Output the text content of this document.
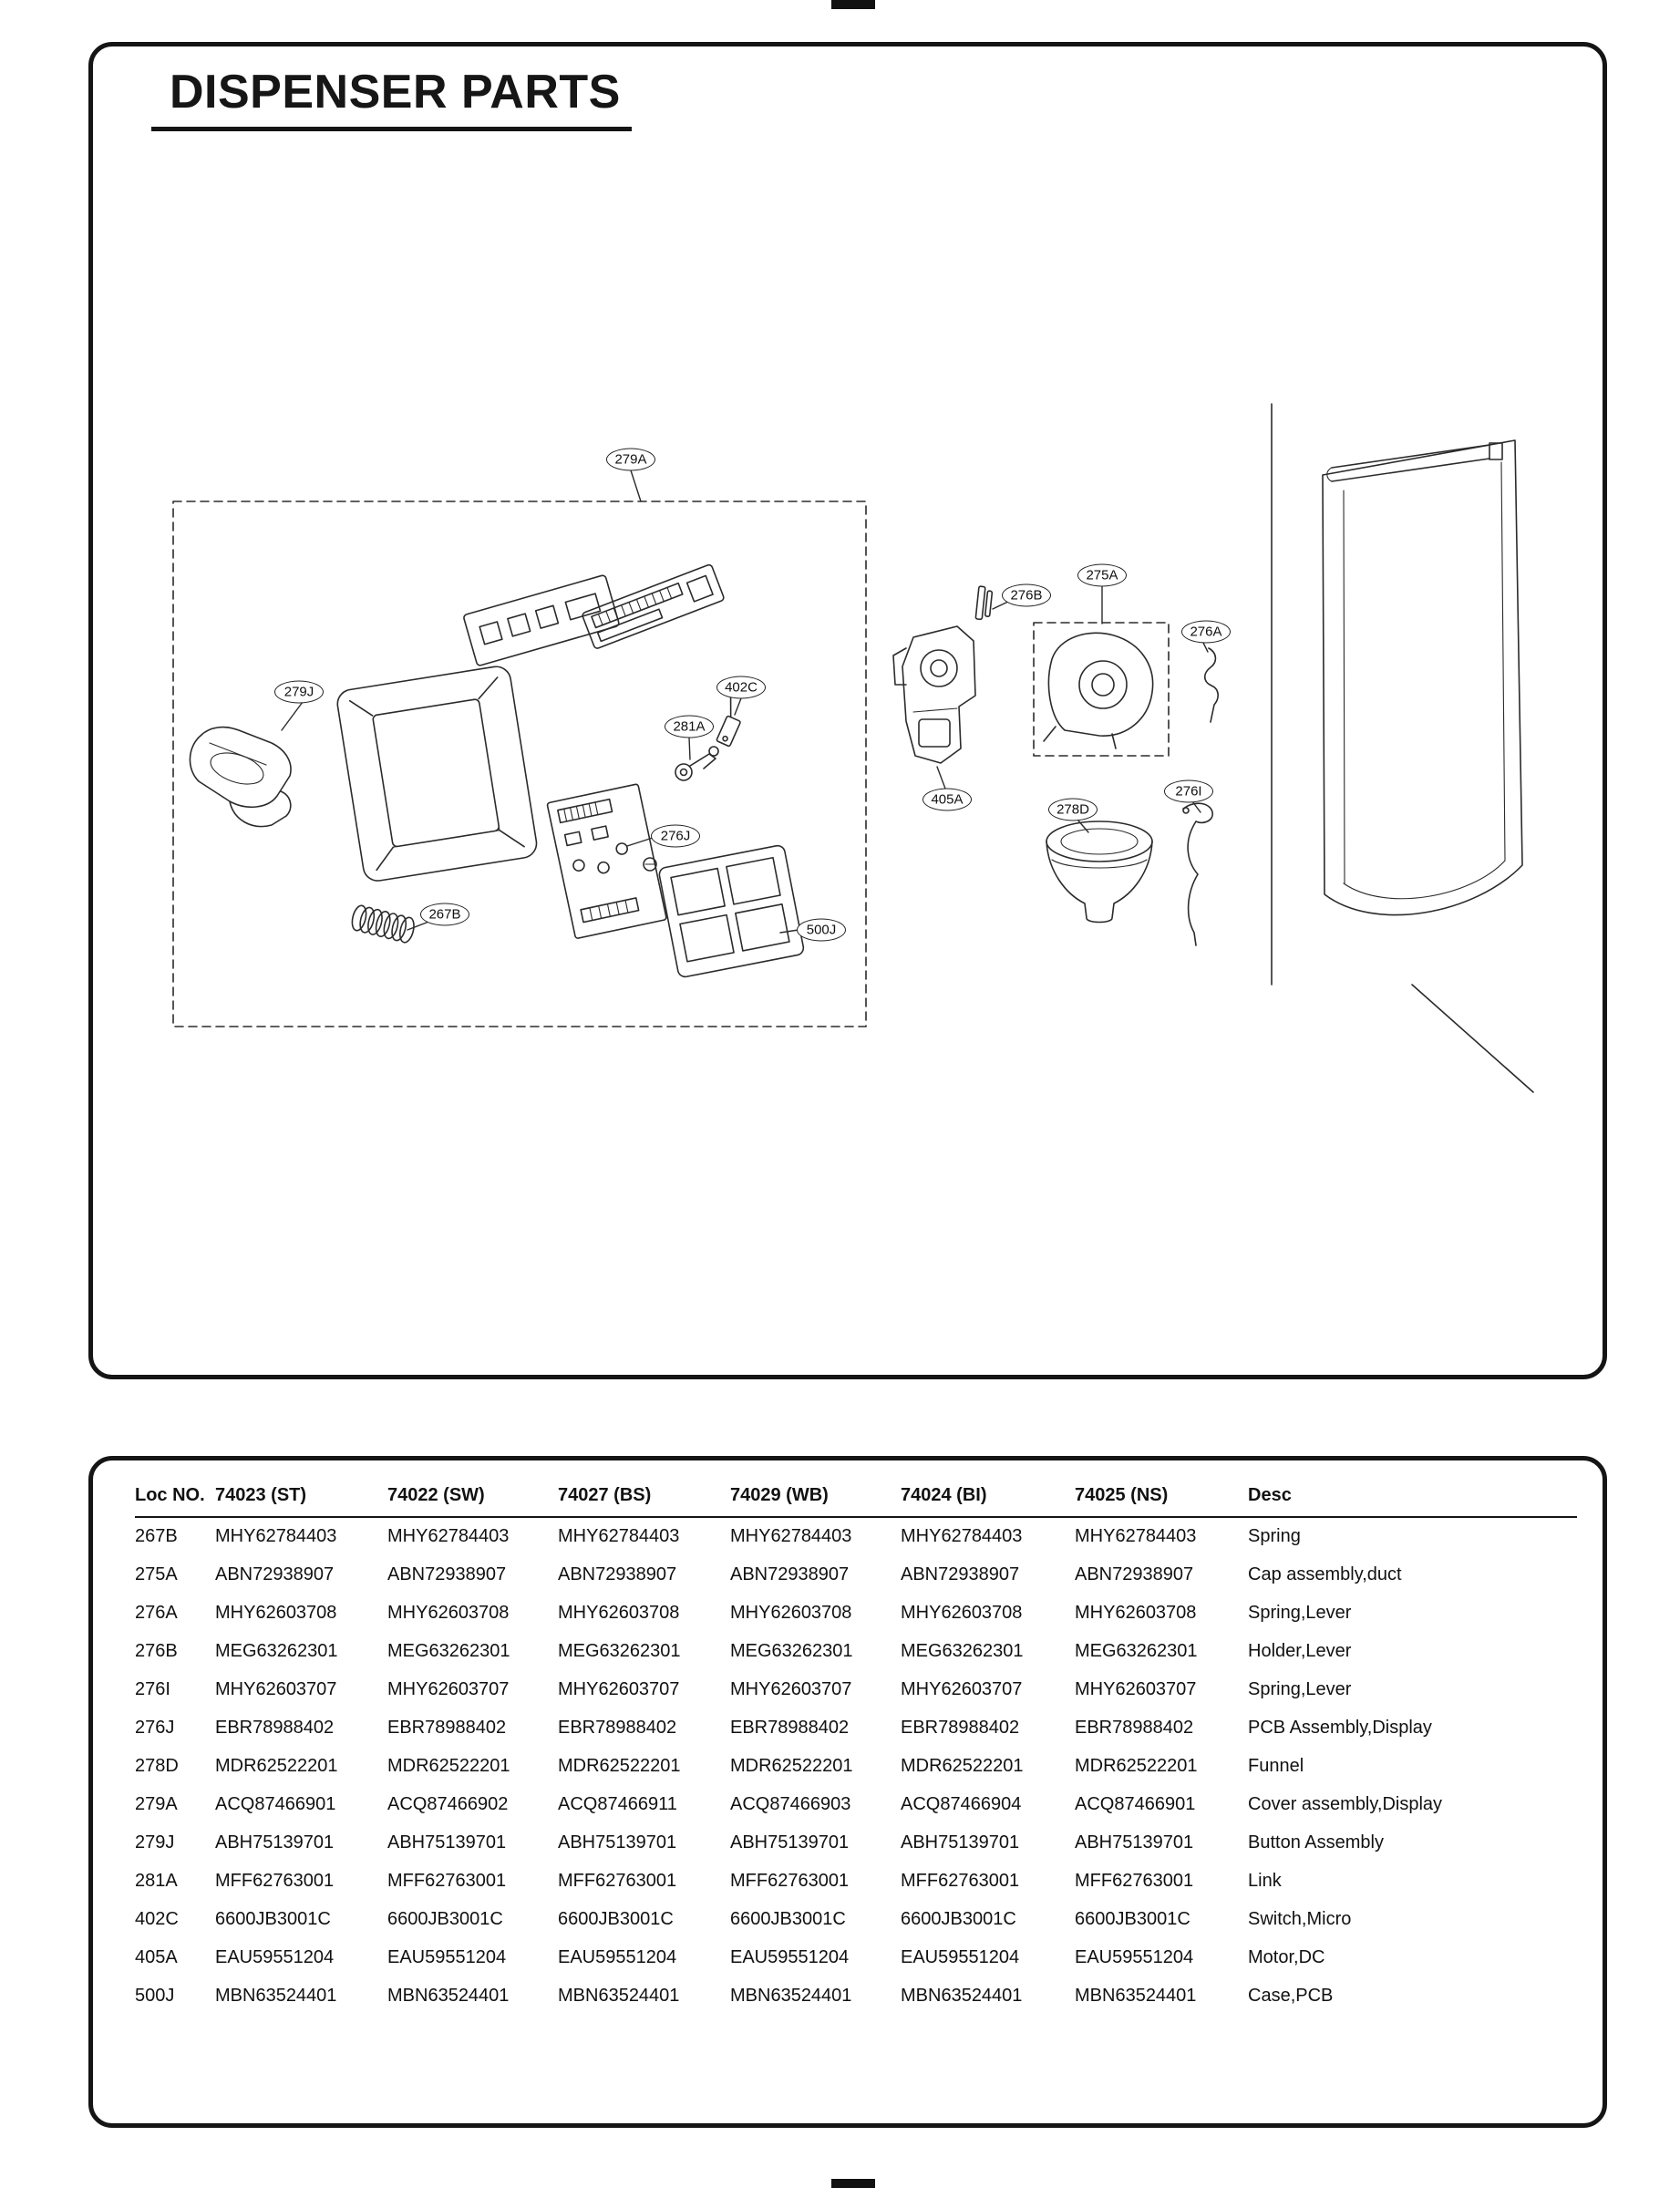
DISPENSER PARTS
279A
276B
275A
276A
279J	402C
281A
405A
278D
276I
276J
267B
500J
Loc NO.	74023 (ST)	74022 (SW)	74027 (BS)	74029 (WB)	74024 (BI)	74025 (NS)	Desc
267B	MHY62784403	MHY62784403	MHY62784403	MHY62784403	MHY62784403	MHY62784403	Spring
275A	ABN72938907	ABN72938907	ABN72938907	ABN72938907	ABN72938907	ABN72938907	Cap assembly,duct
276A	MHY62603708	MHY62603708	MHY62603708	MHY62603708	MHY62603708	MHY62603708	Spring,Lever
276B	MEG63262301	MEG63262301	MEG63262301	MEG63262301	MEG63262301	MEG63262301	Holder,Lever
276I	MHY62603707	MHY62603707	MHY62603707	MHY62603707	MHY62603707	MHY62603707	Spring,Lever
276J	EBR78988402	EBR78988402	EBR78988402	EBR78988402	EBR78988402	EBR78988402	PCB Assembly,Display
278D	MDR62522201	MDR62522201	MDR62522201	MDR62522201	MDR62522201	MDR62522201	Funnel
279A	ACQ87466901	ACQ87466902	ACQ87466911	ACQ87466903	ACQ87466904	ACQ87466901	Cover assembly,Display
279J	ABH75139701	ABH75139701	ABH75139701	ABH75139701	ABH75139701	ABH75139701	Button Assembly
281A	MFF62763001	MFF62763001	MFF62763001	MFF62763001	MFF62763001	MFF62763001	Link
402C	6600JB3001C	6600JB3001C	6600JB3001C	6600JB3001C	6600JB3001C	6600JB3001C	Switch,Micro
405A	EAU59551204	EAU59551204	EAU59551204	EAU59551204	EAU59551204	EAU59551204	Motor,DC
500J	MBN63524401	MBN63524401	MBN63524401	MBN63524401	MBN63524401	MBN63524401	Case,PCB
